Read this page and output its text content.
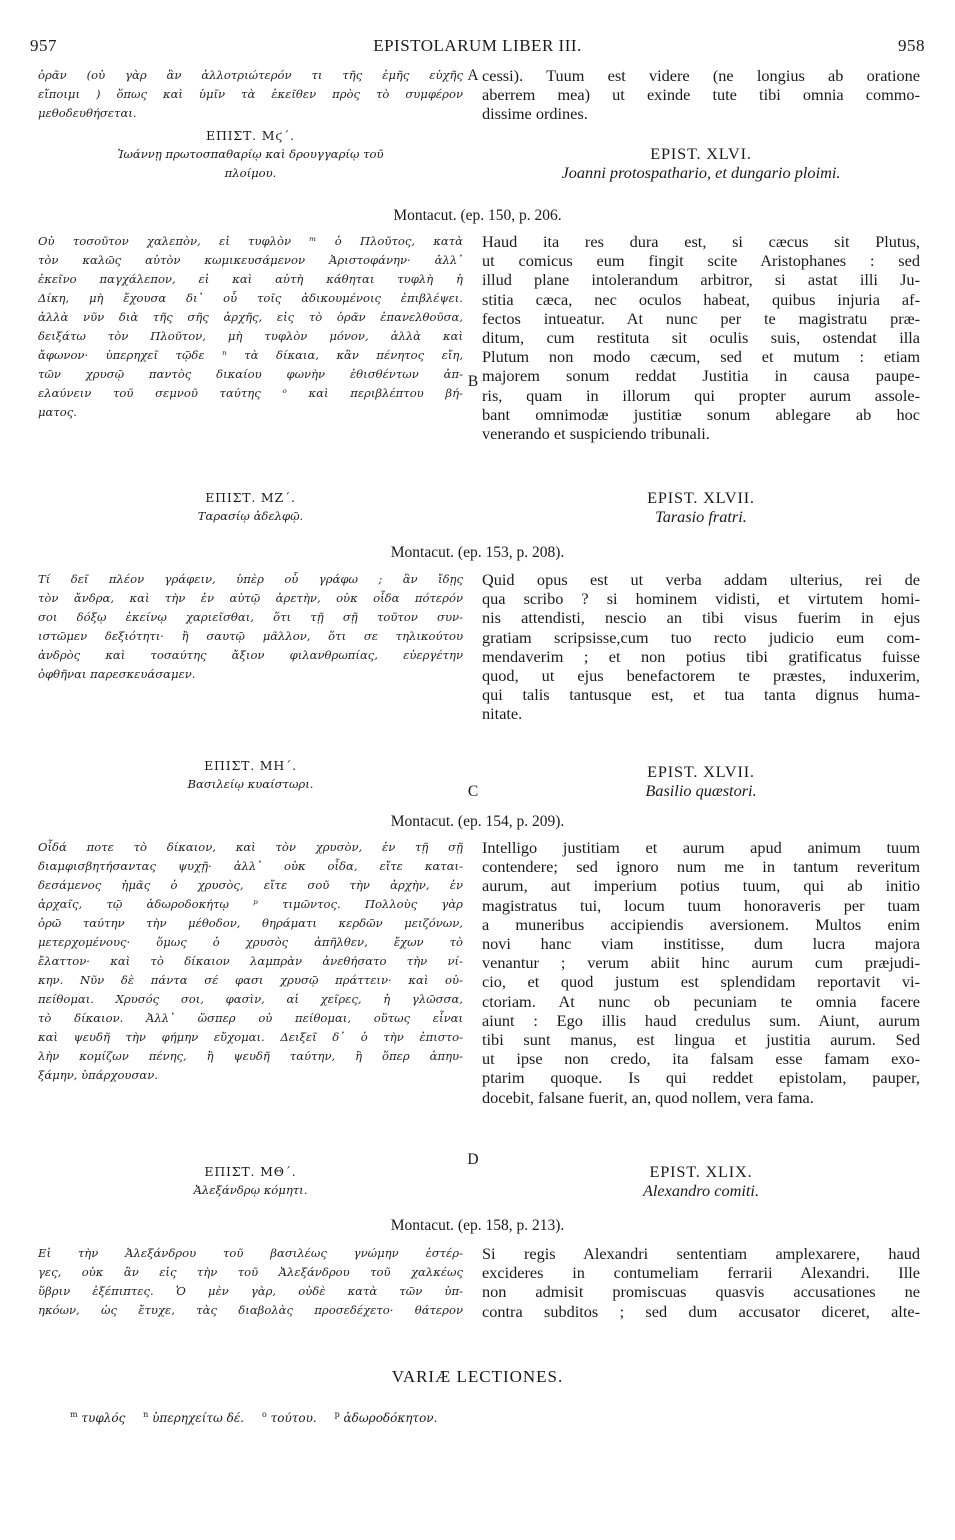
957	EPISTOLARUM LIBER III.	958
ὁρᾶν (οὐ γὰρ ἂν ἀλλοτριώτερόν τι τῆς ἐμῆς εὐχῆς
εἴποιμι ) ὅπως καὶ ὑμῖν τὰ ἐκεῖθεν πρὸς τὸ συμφέρον
μεθοδευθήσεται.
A cessi). Tuum est videre (ne longius ab oratione
aberrem mea) ut exinde tute tibi omnia commo-
dissime ordines.
ΕΠΙΣΤ. Μϛ΄.
Ἰωάννῃ πρωτοσπαθαρίῳ καὶ δρουγγαρίῳ τοῦ
πλοίμου.
EPIST. XLVI.
Joanni protospathario, et dungario ploimi.
Montacut. (ep. 150, p. 206.
Οὐ τοσοῦτον χαλεπὸν, εἰ τυφλὸν ᵐ ὁ Πλοῦτος, κατὰ
τὸν καλῶς αὐτὸν κωμικευσάμενον Ἀριστοφάνην· ἀλλ᾽
ἐκεῖνο παγχάλεπον, εἰ καὶ αὐτὴ κάθηται τυφλὴ ἡ
Δίκη, μὴ ἔχουσα δι᾽ οὗ τοῖς ἀδικουμένοις ἐπιβλέψει.
ἀλλὰ νῦν διὰ τῆς σῆς ἀρχῆς, εἰς τὸ ὁρᾶν ἐπανελθοῦσα,
δειξάτω τὸν Πλοῦτον, μὴ τυφλὸν μόνον, ἀλλὰ καὶ
ἄφωνον· ὑπερηχεῖ τῷδε ⁿ τὰ δίκαια, κἂν πένητος εἴη,
τῶν χρυσῷ παντὸς δικαίου φωνὴν ἐθισθέντων ἀπ-
ελαύνειν τοῦ σεμνοῦ ταύτης ᵒ καὶ περιβλέπτου βή-
ματος.
B
Haud ita res dura est, si cæcus sit Plutus,
ut comicus eum fingit scite Aristophanes : sed
illud plane intolerandum arbitror, si astat illi Ju-
stitia cæca, nec oculos habeat, quibus injuria af-
fectos intueatur. At nunc per te magistratu præ-
ditum, cum restituta sit oculis suis, ostendat illa
Plutum non modo cæcum, sed et mutum : etiam
majorem sonum reddat Justitia in causa paupe-
ris, quam in illorum qui propter aurum assole-
bant omnimodæ justitiæ sonum ablegare ab hoc
venerando et suspiciendo tribunali.
ΕΠΙΣΤ. ΜΖ΄.
Ταρασίῳ ἀδελφῷ.
EPIST. XLVII.
Tarasio fratri.
Montacut. (ep. 153, p. 208).
Τί δεῖ πλέον γράφειν, ὑπὲρ οὗ γράφω ; ἂν ἴδῃς
τὸν ἄνδρα, καὶ τὴν ἐν αὐτῷ ἀρετὴν, οὐκ οἶδα πότερόν
σοι δόξῳ ἐκείνῳ χαριεῖσθαι, ὅτι τῇ σῇ τοῦτον συν-
ιστῶμεν δεξιότητι· ἢ σαυτῷ μᾶλλον, ὅτι σε τηλικούτου
ἀνδρὸς καὶ τοσαύτης ἄξιον φιλανθρωπίας, εὐεργέτην
ὀφθῆναι παρεσκευάσαμεν.
Quid opus est ut verba addam ulterius, rei de
qua scribo ? si hominem vidisti, et virtutem homi-
nis attendisti, nescio an tibi visus fuerim in ejus
gratiam scripsisse,cum tuo recto judicio eum com-
mendaverim ; et non potius tibi gratificatus fuisse
quod, ut ejus benefactorem te præstes, induxerim,
qui talis tantusque est, et tua tanta dignus huma-
nitate.
ΕΠΙΣΤ. ΜΗ΄.
Βασιλείῳ κυαίστωρι.	C
EPIST. XLVII.
Basilio quæstori.
Montacut. (ep. 154, p. 209).
Οἶδά ποτε τὸ δίκαιον, καὶ τὸν χρυσὸν, ἐν τῇ σῇ
διαμφισβητήσαντας ψυχῇ· ἀλλ᾽ οὐκ οἶδα, εἴτε καται-
δεσάμενος ἡμᾶς ὁ χρυσὸς, εἴτε σοῦ τὴν ἀρχὴν, ἐν
ἀρχαῖς, τῷ ἀδωροδοκήτῳ ᵖ τιμῶντος. Πολλοὺς γὰρ
ὁρῶ ταύτην τὴν μέθοδον, θηράματι κερδῶν μειζόνων,
μετερχομένους· ὅμως ὁ χρυσὸς ἀπῆλθεν, ἔχων τὸ
ἔλαττον· καὶ τὸ δίκαιον λαμπρὰν ἀνεθήσατο τὴν νί-
κην. Νῦν δὲ πάντα σέ φασι χρυσῷ πράττειν· καὶ οὐ-
πείθομαι. Χρυσός σοι, φασὶν, αἱ χεῖρες, ἡ γλῶσσα,
τὸ δίκαιον. Ἀλλ᾽ ὥσπερ οὐ πείθομαι, οὕτως εἶναι
καὶ ψευδῆ τὴν φήμην εὔχομαι. Δειξεῖ δ᾽ ὁ τὴν ἐπιστο-
λὴν κομίζων πένης, ἢ ψευδῆ ταύτην, ἢ ὅπερ ἀπηυ-
ξάμην, ὑπάρχουσαν.
Intelligo justitiam et aurum apud animum tuum
contendere; sed ignoro num me in tantum reveritum
aurum, aut imperium potius tuum, qui ab initio
magistratus tui, locum tuum honoraveris per tuam
a muneribus accipiendis aversionem. Multos enim
novi hanc viam institisse, dum lucra majora
venantur ; verum abiit hinc aurum cum præjudi-
cio, et quod justum est splendidam reportavit vi-
ctoriam. At nunc ob pecuniam te omnia facere
aiunt : Ego illis haud credulus sum. Aiunt, aurum
tibi sunt manus, est lingua et justitia aurum. Sed
ut ipse non credo, ita falsam esse famam exo-
ptarim quoque. Is qui reddet epistolam, pauper,
docebit, falsane fuerit, an, quod nollem, vera fama.
D
ΕΠΙΣΤ. ΜΘ΄.
Ἀλεξάνδρῳ κόμητι.
EPIST. XLIX.
Alexandro comiti.
Montacut. (ep. 158, p. 213).
Εἰ τὴν Ἀλεξάνδρου τοῦ βασιλέως γνώμην ἐστέρ-
γες, οὐκ ἂν εἰς τὴν τοῦ Ἀλεξάνδρου τοῦ χαλκέως
ὕβριν ἐξέπιπτες. Ὁ μὲν γὰρ, οὐδὲ κατὰ τῶν ὑπ-
ηκόων, ὡς ἔτυχε, τὰς διαβολὰς προσεδέχετο· θάτερον
Si regis Alexandri sententiam amplexarere, haud
excideres in contumeliam ferrarii Alexandri. Ille
non admisit promiscuas quasvis accusationes ne
contra subditos ; sed dum accusator diceret, alte-
VARIÆ LECTIONES.
$^m$ τυφλός $^n$ ὑπερηχείτω δέ. $^o$ τούτου. $^p$ ἀδωροδόκητον.
